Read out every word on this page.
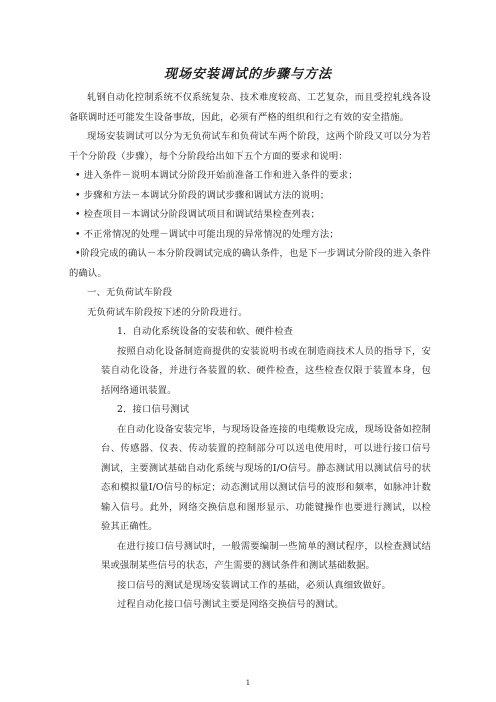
现场安装调试的步骤与方法

轧钢自动化控制系统不仅系统复杂、技术难度较高、工艺复杂，而且受控轧线各设备联调时还可能发生设备事故，因此，必须有严格的组织和行之有效的安全措施。

现场安装调试可以分为无负荷试车和负荷试车两个阶段，这两个阶段又可以分为若干个分阶段（步骤），每个分阶段给出如下五个方面的要求和说明：

• 进入条件－说明本调试分阶段开始前准备工作和进入条件的要求；

• 步骤和方法－本调试分阶段的调试步骤和调试方法的说明；

• 检查项目－本调试分阶段调试项目和调试结果检查列表；

• 不正常情况的处理－调试中可能出现的异常情况的处理方法；

•阶段完成的确认－本分阶段调试完成的确认条件，也是下一步调试分阶段的进入条件的确认。

一、无负荷试车阶段

无负荷试车阶段按下述的分阶段进行。

1．自动化系统设备的安装和软、硬件检查

按照自动化设备制造商提供的安装说明书或在制造商技术人员的指导下，安装自动化设备，并进行各装置的软、硬件检查，这些检查仅限于装置本身，包括网络通讯装置。

2．接口信号测试

在自动化设备安装完毕，与现场设备连接的电缆敷设完成，现场设备如控制台、传感器、仪表、传动装置的控制部分可以送电使用时，可以进行接口信号测试，主要测试基础自动化系统与现场的I/O信号。静态测试用以测试信号的状态和模拟量I/O信号的标定；动态测试用以测试信号的波形和频率，如脉冲计数输入信号。此外，网络交换信息和图形显示、功能键操作也要进行测试，以检验其正确性。

在进行接口信号测试时，一般需要编制一些简单的测试程序，以检查测试结果或强制某些信号的状态，产生需要的测试条件和测试基础数据。

接口信号的测试是现场安装调试工作的基础，必须认真细致做好。

过程自动化接口信号测试主要是网络交换信号的测试。

1
